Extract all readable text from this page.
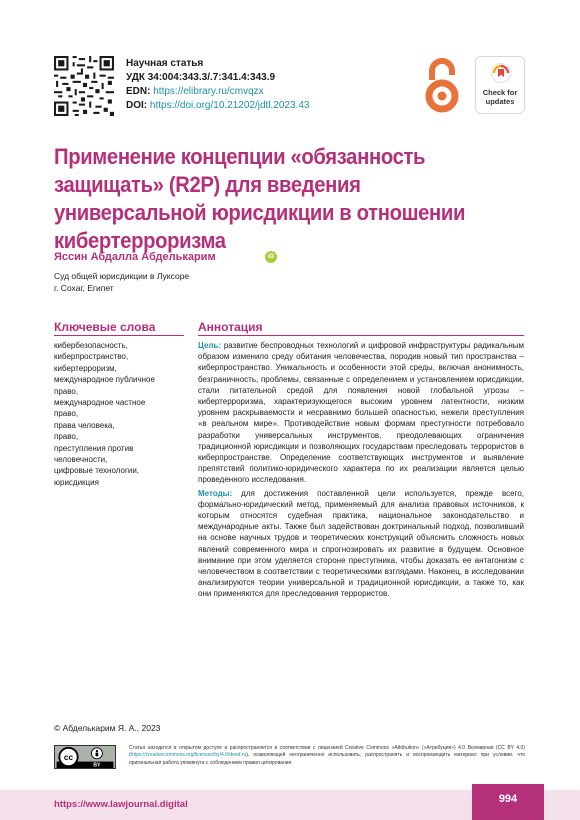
Научная статья
УДК 34:004:343.3/.7:341.4:343.9
EDN: https://elibrary.ru/cmvqzx
DOI: https://doi.org/10.21202/jdtl.2023.43
Check for updates
Применение концепции «обязанность защищать» (R2P) для введения универсальной юрисдикции в отношении кибертерроризма
Яссин Абдалла Абделькарим	iD
Суд общей юрисдикции в Луксоре
г. Сохаг, Египет
Ключевые слова
кибербезопасность,
киберпространство,
кибертерроризм,
международное публичное
право,
международное частное
право,
права человека,
право,
преступления против
человечности,
цифровые технологии,
юрисдикция
Аннотация

Цель: развитие беспроводных технологий и цифровой инфраструктуры радикальным образом изменило среду обитания человечества, породив новый тип пространства – киберпространство. Уникальность и особенности этой среды, включая анонимность, безграничность, проблемы, связанные с определением и установлением юрисдикции, стали питательной средой для появления новой глобальной угрозы – кибертерроризма, характеризующегося высоким уровнем латентности, низким уровнем раскрываемости и несравнимо большей опасностью, нежели преступления «в реальном мире». Противодействие новым формам преступности потребовало разработки универсальных инструментов, преодолевающих ограничения традиционной юрисдикции и позволяющих государствам преследовать террористов в киберпространстве. Определение соответствующих инструментов и выявление препятствий политико-юридического характера по их реализации является целью проведенного исследования.

Методы: для достижения поставленной цели используется, прежде всего, формально-юридический метод, применяемый для анализа правовых источников, к которым относятся судебная практика, национальное законодательство и международные акты. Также был задействован доктринальный подход, позволивший на основе научных трудов и теоретических конструкций объяснить сложность новых явлений современного мира и спрогнозировать их развитие в будущем. Основное внимание при этом уделяется стороне преступника, чтобы доказать ее антагонизм с человечеством в соответствии с теоретическими взглядами. Наконец, в исследовании анализируются теории универсальной и традиционной юрисдикции, а также то, как они применяются для преследования террористов.

© Абделькарим Я. А., 2023
cc
BY
Статья находится в открытом доступе и распространяется в соответствии с лицензией Creative Commons «Attribution» («Атрибуция») 4.0 Всемирная (CC BY 4.0) (https://creativecommons.org/licenses/by/4.0/deed.ru), позволяющей неограниченно использовать, распространять и воспроизводить материал при условии, что оригинальная работа упомянута с соблюдением правил цитирования.
https://www.lawjournal.digital	994
